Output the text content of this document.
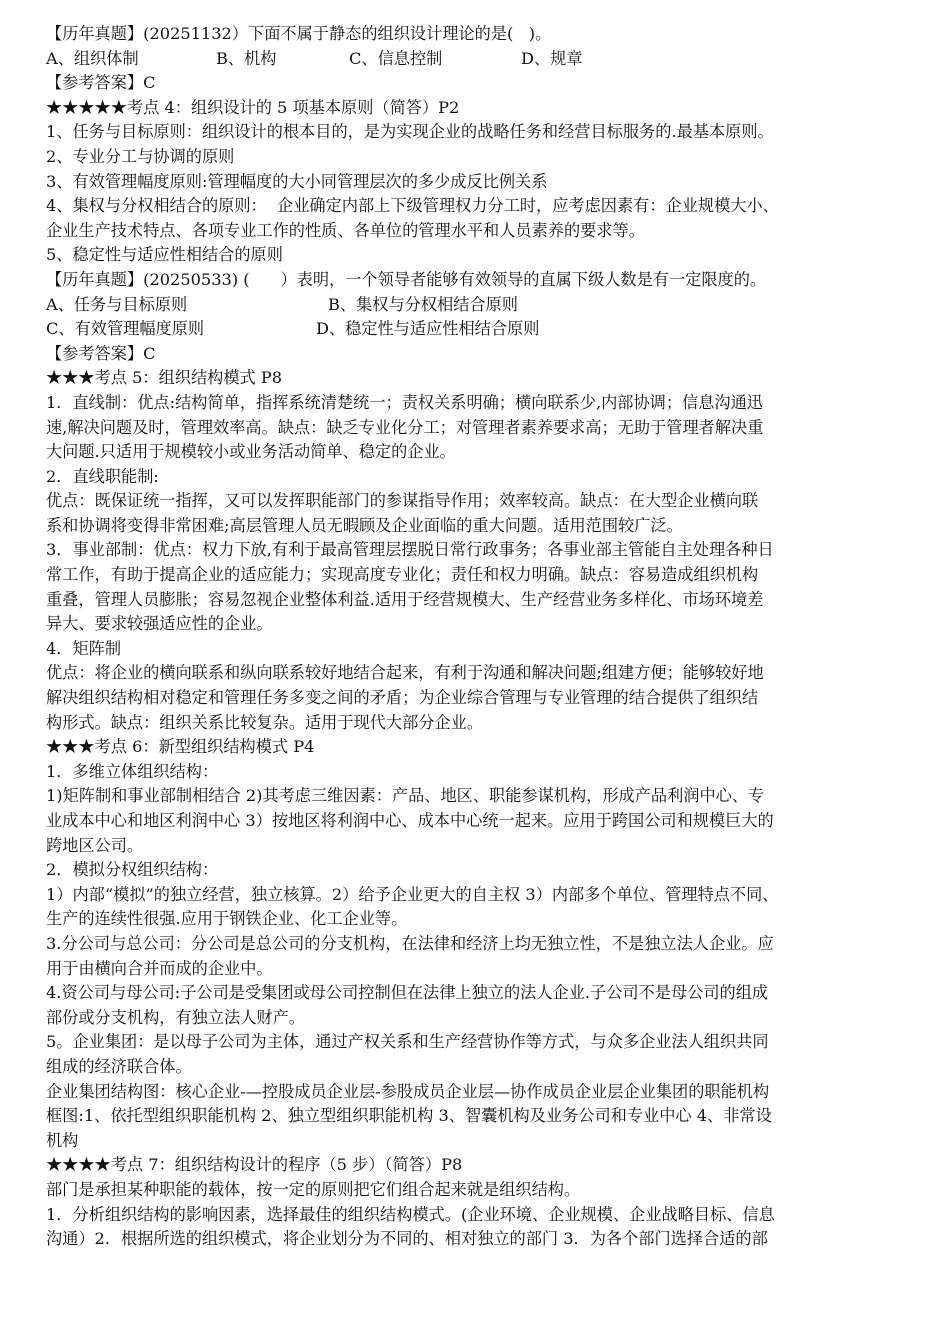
【历年真题】(20251132）下面不属于静态的组织设计理论的是(   )。
A、组织体制	B、机构	C、信息控制	D、规章
【参考答案】C
★★★★★考点 4：组织设计的 5 项基本原则（简答）P2
1、任务与目标原则：组织设计的根本目的，是为实现企业的战略任务和经营目标服务的.最基本原则。
2、专业分工与协调的原则
3、有效管理幅度原则:管理幅度的大小同管理层次的多少成反比例关系
4、集权与分权相结合的原则：  企业确定内部上下级管理权力分工时，应考虑因素有：企业规模大小、
企业生产技术特点、各项专业工作的性质、各单位的管理水平和人员素养的要求等。
5、稳定性与适应性相结合的原则
【历年真题】(20250533) (      ）表明，一个领导者能够有效领导的直属下级人数是有一定限度的。
A、任务与目标原则	B、集权与分权相结合原则
C、有效管理幅度原则	D、稳定性与适应性相结合原则
【参考答案】C
★★★考点 5：组织结构模式 P8
1．直线制：优点:结构简单，指挥系统清楚统一；责权关系明确；横向联系少,内部协调；信息沟通迅
速,解决问题及时，管理效率高。缺点：缺乏专业化分工；对管理者素养要求高；无助于管理者解决重
大问题.只适用于规模较小或业务活动简单、稳定的企业。
2．直线职能制:
优点：既保证统一指挥，又可以发挥职能部门的参谋指导作用；效率较高。缺点：在大型企业横向联
系和协调将变得非常困难;高层管理人员无暇顾及企业面临的重大问题。适用范围较广泛。
3．事业部制：优点：权力下放,有利于最高管理层摆脱日常行政事务；各事业部主管能自主处理各种日
常工作，有助于提高企业的适应能力；实现高度专业化；责任和权力明确。缺点：容易造成组织机构
重叠，管理人员膨胀；容易忽视企业整体利益.适用于经营规模大、生产经营业务多样化、市场环境差
异大、要求较强适应性的企业。
4．矩阵制
优点：将企业的横向联系和纵向联系较好地结合起来，有利于沟通和解决问题;组建方便；能够较好地
解决组织结构相对稳定和管理任务多变之间的矛盾；为企业综合管理与专业管理的结合提供了组织结
构形式。缺点：组织关系比较复杂。适用于现代大部分企业。
★★★考点 6：新型组织结构模式 P4
1．多维立体组织结构：
1)矩阵制和事业部制相结合 2)其考虑三维因素：产品、地区、职能参谋机构，形成产品利润中心、专
业成本中心和地区利润中心 3）按地区将利润中心、成本中心统一起来。应用于跨国公司和规模巨大的
跨地区公司。
2．模拟分权组织结构：
1）内部“模拟”的独立经营，独立核算。2）给予企业更大的自主权 3）内部多个单位、管理特点不同、
生产的连续性很强.应用于钢铁企业、化工企业等。
3.分公司与总公司：分公司是总公司的分支机构，在法律和经济上均无独立性，不是独立法人企业。应
用于由横向合并而成的企业中。
4.资公司与母公司:子公司是受集团或母公司控制但在法律上独立的法人企业.子公司不是母公司的组成
部份或分支机构，有独立法人财产。
5。企业集团：是以母子公司为主体，通过产权关系和生产经营协作等方式，与众多企业法人组织共同
组成的经济联合体。
企业集团结构图：核心企业-—控股成员企业层-参股成员企业层—协作成员企业层企业集团的职能机构
框图:1、依托型组织职能机构 2、独立型组织职能机构 3、智囊机构及业务公司和专业中心 4、非常设
机构
★★★★考点 7：组织结构设计的程序（5 步）（简答）P8
部门是承担某种职能的载体，按一定的原则把它们组合起来就是组织结构。
1．分析组织结构的影响因素，选择最佳的组织结构模式。(企业环境、企业规模、企业战略目标、信息
沟通）2．根据所选的组织模式，将企业划分为不同的、相对独立的部门 3．为各个部门选择合适的部
